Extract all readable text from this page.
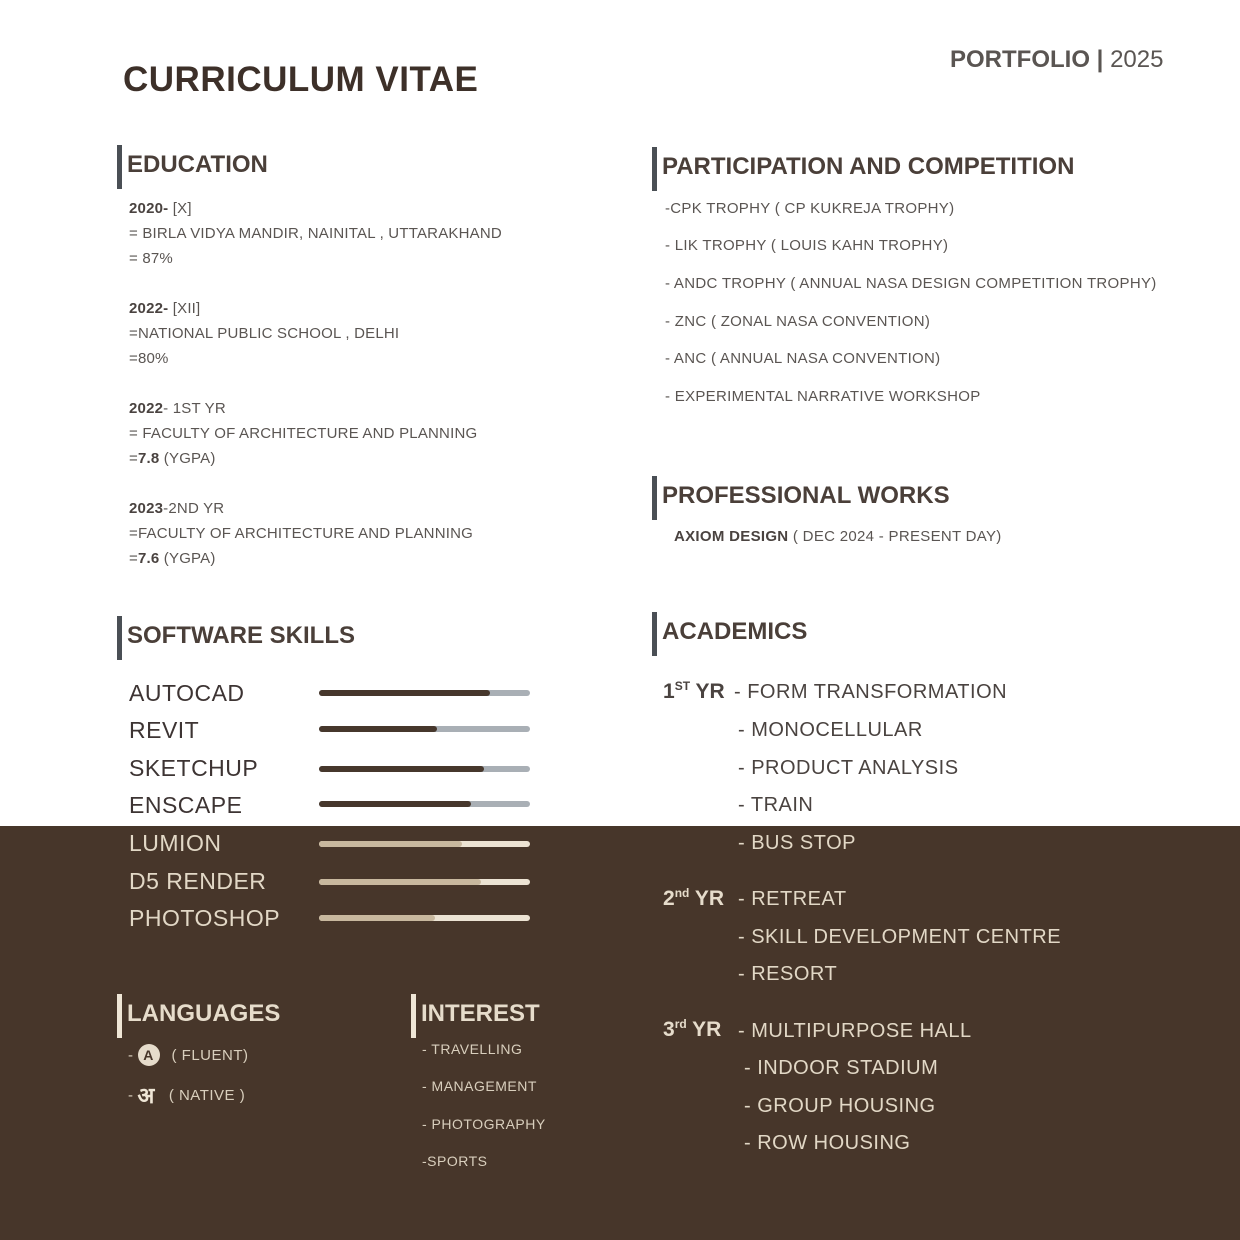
CURRICULUM VITAE
PORTFOLIO | 2025
EDUCATION
2020- [X]
= BIRLA VIDYA MANDIR, NAINITAL , UTTARAKHAND
= 87%
2022- [XII]
=NATIONAL PUBLIC SCHOOL , DELHI
=80%
2022- 1ST YR
= FACULTY OF ARCHITECTURE AND PLANNING
=7.8 (YGPA)
2023-2ND YR
=FACULTY OF ARCHITECTURE AND PLANNING
=7.6 (YGPA)
PARTICIPATION AND COMPETITION
-CPK TROPHY ( CP KUKREJA TROPHY)
- LIK TROPHY ( LOUIS KAHN TROPHY)
- ANDC TROPHY ( ANNUAL NASA DESIGN COMPETITION TROPHY)
- ZNC ( ZONAL NASA CONVENTION)
- ANC ( ANNUAL NASA CONVENTION)
- EXPERIMENTAL NARRATIVE WORKSHOP
PROFESSIONAL WORKS
AXIOM DESIGN ( DEC 2024 - PRESENT DAY)
SOFTWARE SKILLS
AUTOCAD
REVIT
SKETCHUP
ENSCAPE
LUMION
D5 RENDER
PHOTOSHOP
LANGUAGES
- A	( FLUENT)
- अ ( NATIVE )
INTEREST
- TRAVELLING
- MANAGEMENT
- PHOTOGRAPHY
-SPORTS
ACADEMICS
1ST YR - FORM TRANSFORMATION
- MONOCELLULAR
- PRODUCT ANALYSIS
- TRAIN
- BUS STOP
2nd YR - RETREAT
- SKILL DEVELOPMENT CENTRE
- RESORT
3rd YR - MULTIPURPOSE HALL
- INDOOR STADIUM
- GROUP HOUSING
- ROW HOUSING
